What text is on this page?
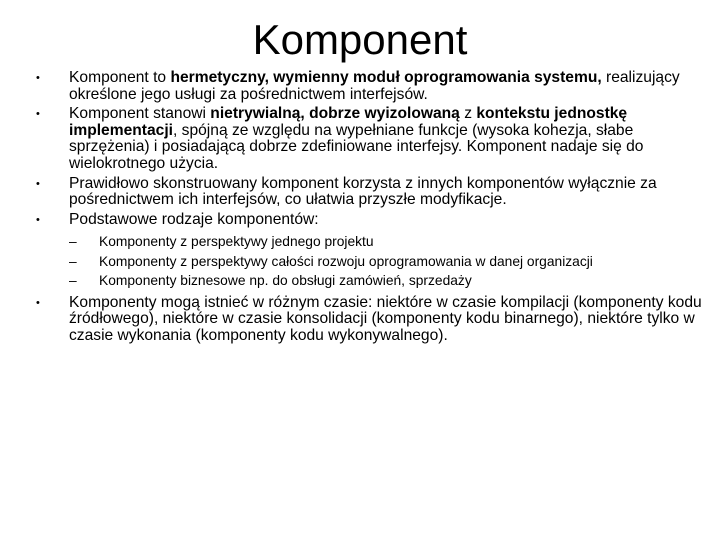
Komponent
•	Komponent to hermetyczny, wymienny moduł oprogramowania systemu, realizujący określone jego usługi za pośrednictwem interfejsów.
•	Komponent stanowi nietrywialną, dobrze wyizolowaną z kontekstu jednostkę implementacji, spójną ze względu na wypełniane funkcje (wysoka kohezja, słabe sprzężenia) i posiadającą dobrze zdefiniowane interfejsy. Komponent nadaje się do wielokrotnego użycia.
•	Prawidłowo skonstruowany komponent korzysta z innych komponentów wyłącznie za pośrednictwem ich interfejsów, co ułatwia przyszłe modyfikacje.
•	Podstawowe rodzaje komponentów:
–	Komponenty z perspektywy jednego projektu
–	Komponenty z perspektywy całości rozwoju oprogramowania w danej organizacji
–	Komponenty biznesowe np. do obsługi zamówień, sprzedaży
•	Komponenty mogą istnieć w różnym czasie: niektóre w czasie kompilacji (komponenty kodu źródłowego), niektóre w czasie konsolidacji (komponenty kodu binarnego), niektóre tylko w czasie wykonania (komponenty kodu wykonywalnego).
